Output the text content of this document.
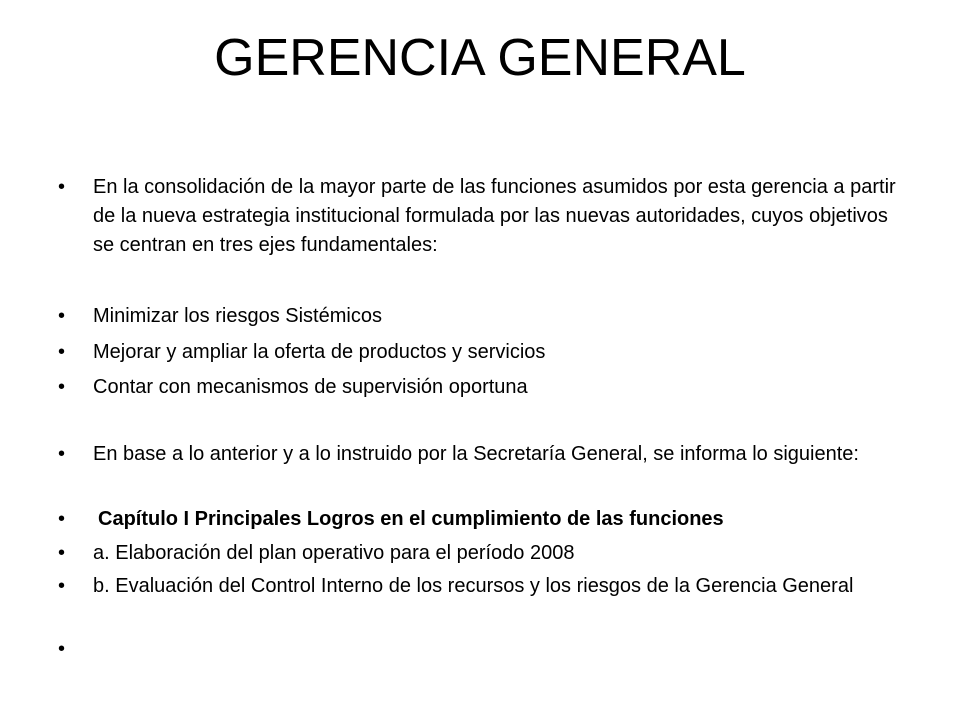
GERENCIA GENERAL
•	En la consolidación de la mayor parte de las funciones asumidos por esta gerencia a partir de la nueva estrategia institucional formulada por las nuevas autoridades, cuyos objetivos se centran en tres ejes fundamentales:
•	Minimizar los riesgos Sistémicos
•	Mejorar y ampliar la oferta de productos y servicios
•	Contar con mecanismos de supervisión oportuna
•	En base a lo anterior y a lo instruido por la Secretaría General, se informa lo siguiente:
•	Capítulo I Principales Logros en el cumplimiento de las funciones
•	a. Elaboración del plan operativo para el período 2008
•	b. Evaluación del Control Interno de los recursos y los riesgos de la Gerencia General
•
